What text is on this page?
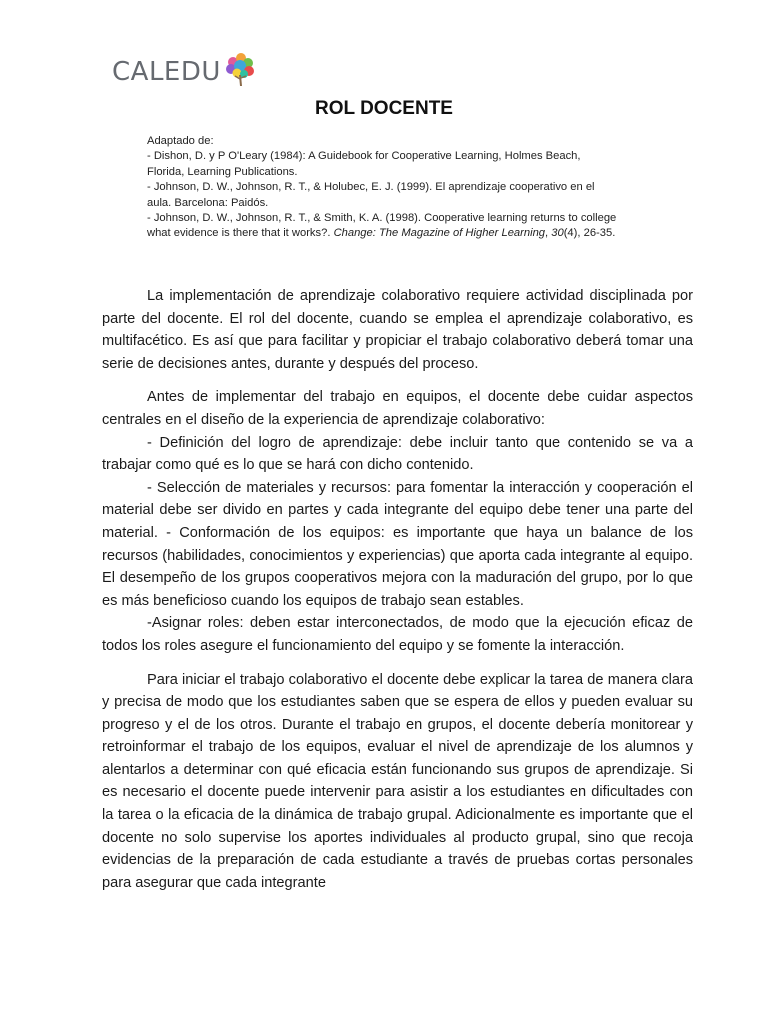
CALEDU
ROL DOCENTE
Adaptado de:
- Dishon, D. y P O'Leary (1984): A Guidebook for Cooperative Learning, Holmes Beach, Florida, Learning Publications.
- Johnson, D. W., Johnson, R. T., & Holubec, E. J. (1999). El aprendizaje cooperativo en el aula. Barcelona: Paidós.
- Johnson, D. W., Johnson, R. T., & Smith, K. A. (1998). Cooperative learning returns to college what evidence is there that it works?. Change: The Magazine of Higher Learning, 30(4), 26-35.

La implementación de aprendizaje colaborativo requiere actividad disciplinada por parte del docente. El rol del docente, cuando se emplea el aprendizaje colaborativo, es multifacético. Es así que para facilitar y propiciar el trabajo colaborativo deberá tomar una serie de decisiones antes, durante y después del proceso.

Antes de implementar del trabajo en equipos, el docente debe cuidar aspectos centrales en el diseño de la experiencia de aprendizaje colaborativo:

- Definición del logro de aprendizaje: debe incluir tanto que contenido se va a trabajar como qué es lo que se hará con dicho contenido.

- Selección de materiales y recursos: para fomentar la interacción y cooperación el material debe ser divido en partes y cada integrante del equipo debe tener una parte del material. - Conformación de los equipos: es importante que haya un balance de los recursos (habilidades, conocimientos y experiencias) que aporta cada integrante al equipo. El desempeño de los grupos cooperativos mejora con la maduración del grupo, por lo que es más beneficioso cuando los equipos de trabajo sean estables.

-Asignar roles: deben estar interconectados, de modo que la ejecución eficaz de todos los roles asegure el funcionamiento del equipo y se fomente la interacción.

Para iniciar el trabajo colaborativo el docente debe explicar la tarea de manera clara y precisa de modo que los estudiantes saben que se espera de ellos y pueden evaluar su progreso y el de los otros. Durante el trabajo en grupos, el docente debería monitorear y retroinformar el trabajo de los equipos, evaluar el nivel de aprendizaje de los alumnos y alentarlos a determinar con qué eficacia están funcionando sus grupos de aprendizaje. Si es necesario el docente puede intervenir para asistir a los estudiantes en dificultades con la tarea o la eficacia de la dinámica de trabajo grupal. Adicionalmente es importante que el docente no solo supervise los aportes individuales al producto grupal, sino que recoja evidencias de la preparación de cada estudiante a través de pruebas cortas personales para asegurar que cada integrante
